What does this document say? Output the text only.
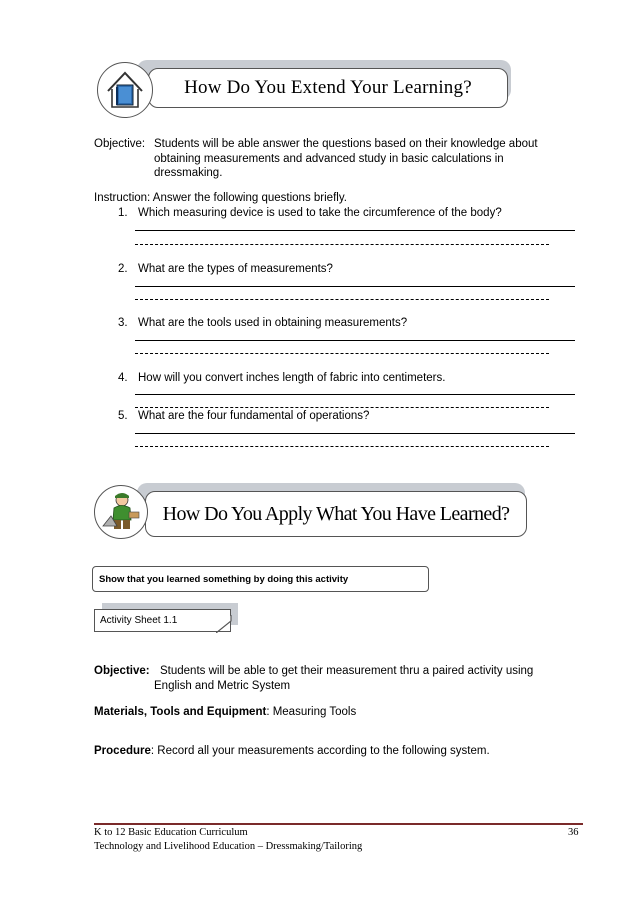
How Do You Extend Your Learning?
Objective: Students will be able answer the questions based on their knowledge about
obtaining measurements and advanced study in basic calculations in
dressmaking.
Instruction: Answer the following questions briefly.
1. Which measuring device is used to take the circumference of the body?
2. What are the types of measurements?
3. What are the tools used in obtaining measurements?
4. How will you convert inches length of fabric into centimeters.
5. What are the four fundamental of operations?
How Do You Apply What You Have Learned?
Show that you learned something by doing this activity
Activity Sheet 1.1
Objective: Students will be able to get their measurement thru a paired activity using
English and Metric System
Materials, Tools and Equipment: Measuring Tools
Procedure: Record all your measurements according to the following system.
K to 12 Basic Education Curriculum
Technology and Livelihood Education – Dressmaking/Tailoring
36
